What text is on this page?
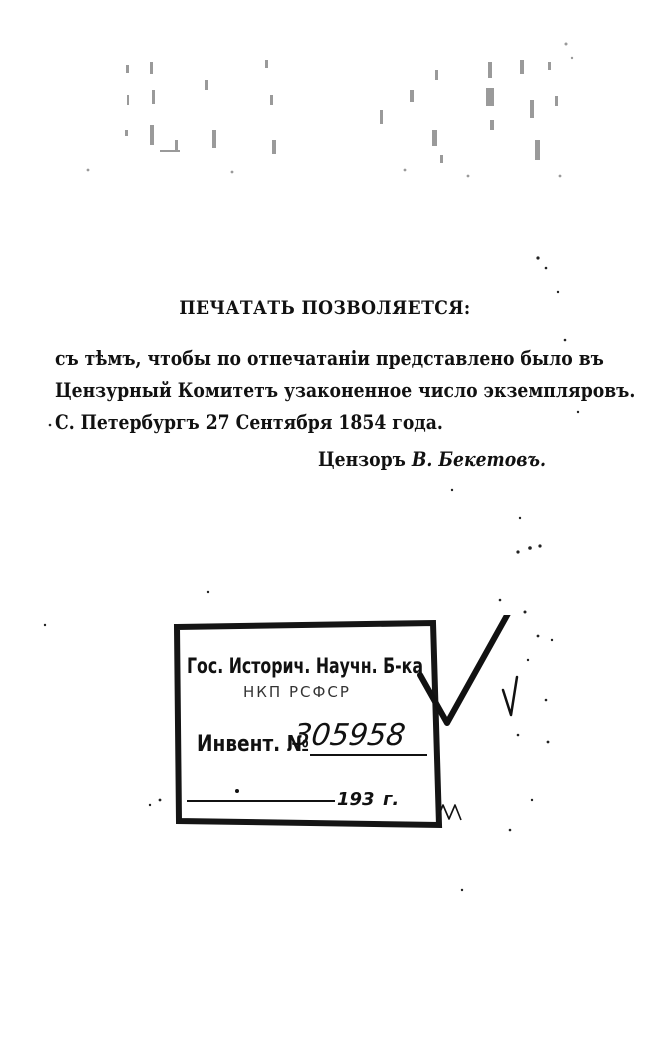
ПЕЧАТАТЬ ПОЗВОЛЯЕТСЯ:
съ тѣмъ, чтобы по отпечатаніи представлено было въ
Цензурный Комитетъ узаконенное число экземпляровъ.
С. Петербургъ 27 Сентября 1854 года.
Цензоръ В. Бекетовъ.
Гос. Историч. Научн. Б-ка
НКП РСФСР
Инвент. №
305958
193 г.
